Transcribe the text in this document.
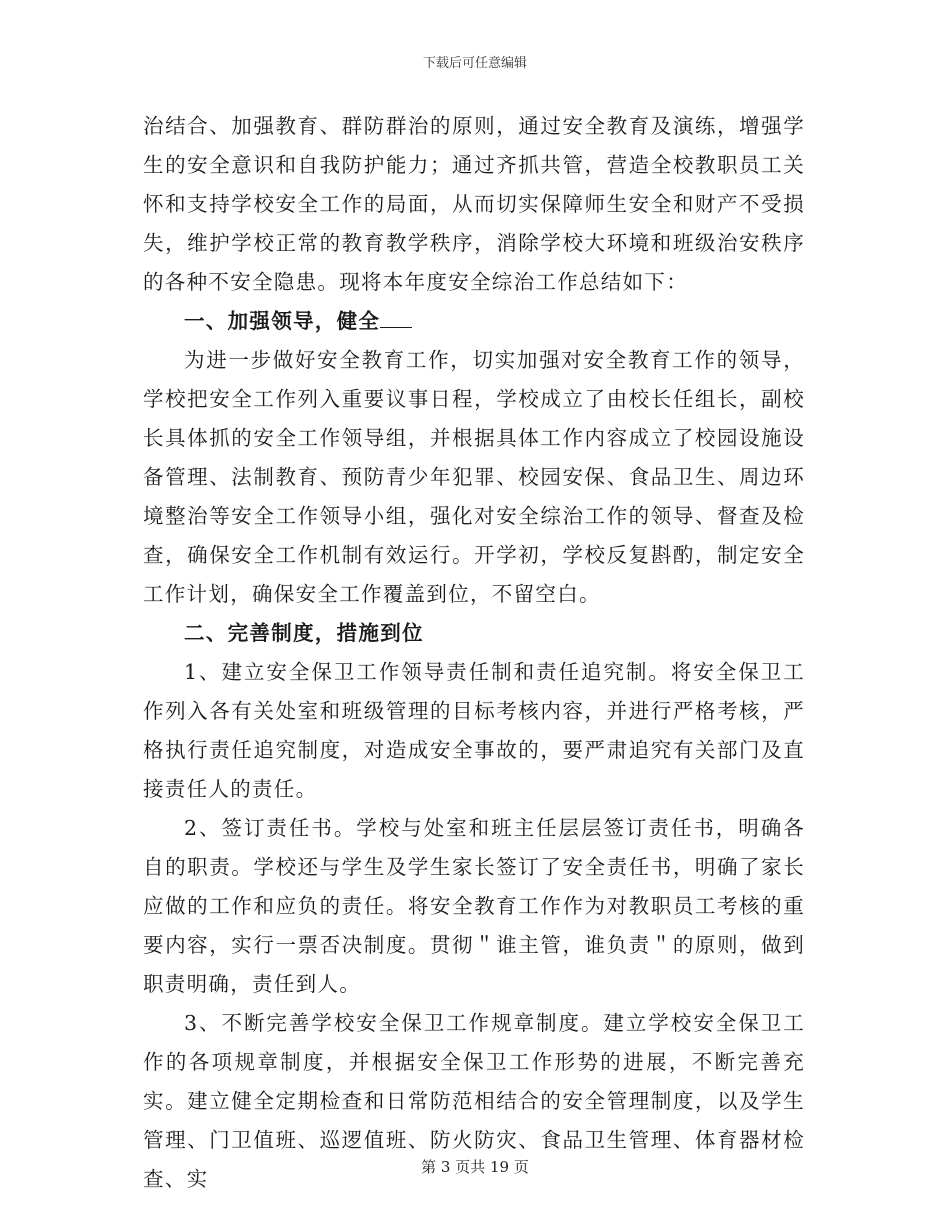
下载后可任意编辑

治结合、加强教育、群防群治的原则，通过安全教育及演练，增强学生的安全意识和自我防护能力；通过齐抓共管，营造全校教职员工关怀和支持学校安全工作的局面，从而切实保障师生安全和财产不受损失，维护学校正常的教育教学秩序，消除学校大环境和班级治安秩序的各种不安全隐患。现将本年度安全综治工作总结如下：

一、加强领导，健全

为进一步做好安全教育工作，切实加强对安全教育工作的领导，学校把安全工作列入重要议事日程，学校成立了由校长任组长，副校长具体抓的安全工作领导组，并根据具体工作内容成立了校园设施设备管理、法制教育、预防青少年犯罪、校园安保、食品卫生、周边环境整治等安全工作领导小组，强化对安全综治工作的领导、督查及检查，确保安全工作机制有效运行。开学初，学校反复斟酌，制定安全工作计划，确保安全工作覆盖到位，不留空白。

二、完善制度，措施到位

1、建立安全保卫工作领导责任制和责任追究制。将安全保卫工作列入各有关处室和班级管理的目标考核内容，并进行严格考核，严格执行责任追究制度，对造成安全事故的，要严肃追究有关部门及直接责任人的责任。

2、签订责任书。学校与处室和班主任层层签订责任书，明确各自的职责。学校还与学生及学生家长签订了安全责任书，明确了家长应做的工作和应负的责任。将安全教育工作作为对教职员工考核的重要内容，实行一票否决制度。贯彻＂谁主管，谁负责＂的原则，做到职责明确，责任到人。

3、不断完善学校安全保卫工作规章制度。建立学校安全保卫工作的各项规章制度，并根据安全保卫工作形势的进展，不断完善充实。建立健全定期检查和日常防范相结合的安全管理制度，以及学生管理、门卫值班、巡逻值班、防火防灾、食品卫生管理、体育器材检查、实	第 3 页共 19 页
